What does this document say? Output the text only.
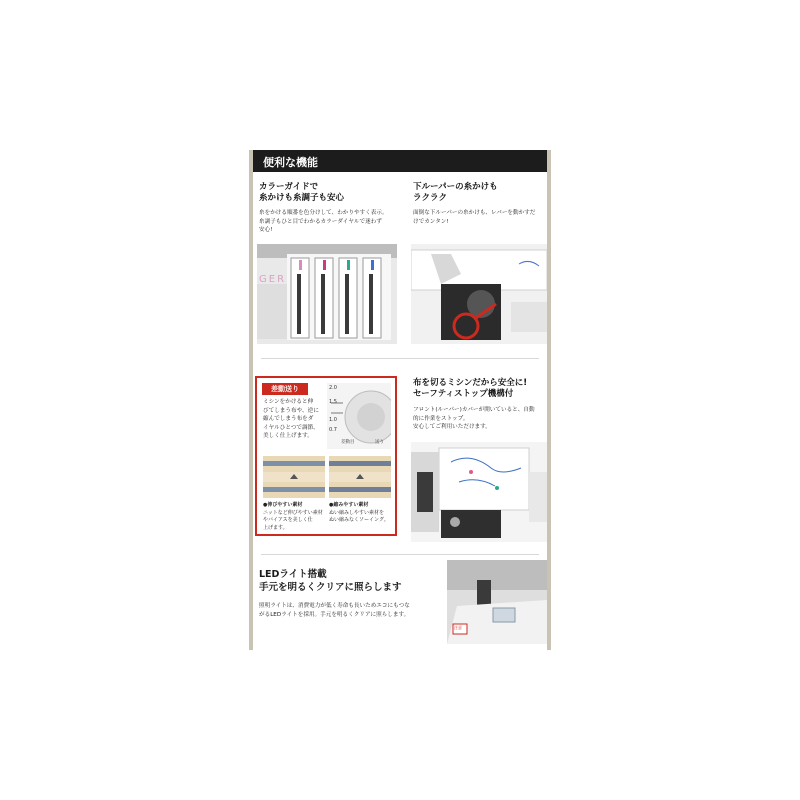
便利な機能
カラーガイドで
糸かけも糸調子も安心
糸をかける順番を色分けして、わかりやすく表示。
糸調子もひと目でわかるカラーダイヤルで迷わず
安心!
GER
下ルーパーの糸かけも
ラクラク
面倒な下ルーパーの糸かけも、レバーを動かすだ
けでカンタン!
差動送り
ミシンをかけると伸
びてしまう布や、逆に
縮んでしまう布をダ
イヤルひとつで調節、
美しく仕上げます。
2.0
1.5
1.0
0.7
差動目	送り
●伸びやすい素材
ニットなど伸びやすい素材
やバイアスを美しく仕
上げます。
●縮みやすい素材
ぬい縮みしやすい素材を
ぬい縮みなくソーイング。
布を切るミシンだから安全に!
セーフティストップ機構付
フロント(ルーパー)カバーが開いていると、自動
的に作業をストップ。
安心してご利用いただけます。
LEDライト搭載
手元を明るくクリアに照らします
照明ライトは、消費電力が低く寿命も長いためエコにもつな
がるLEDライトを採用。手元を明るくクリアに照らします。
注意
